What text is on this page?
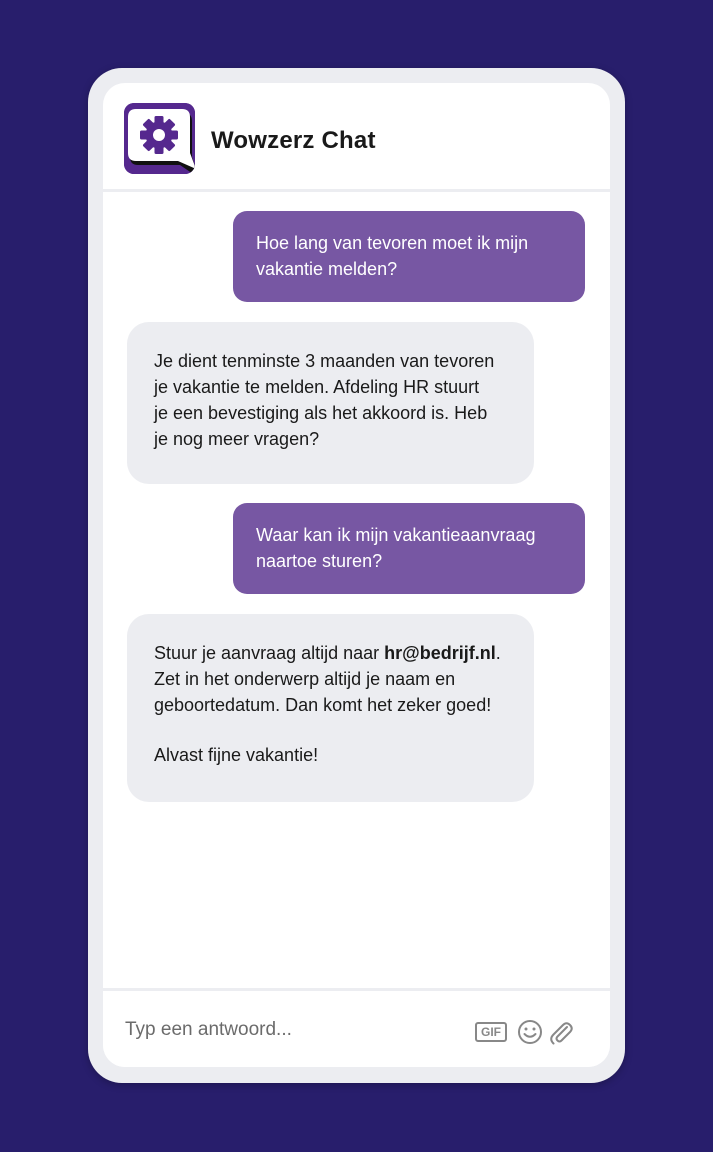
Wowzerz Chat

Hoe lang van tevoren moet ik mijn

vakantie melden?

Je dient tenminste 3 maanden van tevoren

je vakantie te melden. Afdeling HR stuurt

je een bevestiging als het akkoord is. Heb

je nog meer vragen?

Waar kan ik mijn vakantieaanvraag

naartoe sturen?

Stuur je aanvraag altijd naar hr@bedrijf.nl.

Zet in het onderwerp altijd je naam en

geboortedatum. Dan komt het zeker goed!

Alvast fijne vakantie!

Typ een antwoord...
GIF
